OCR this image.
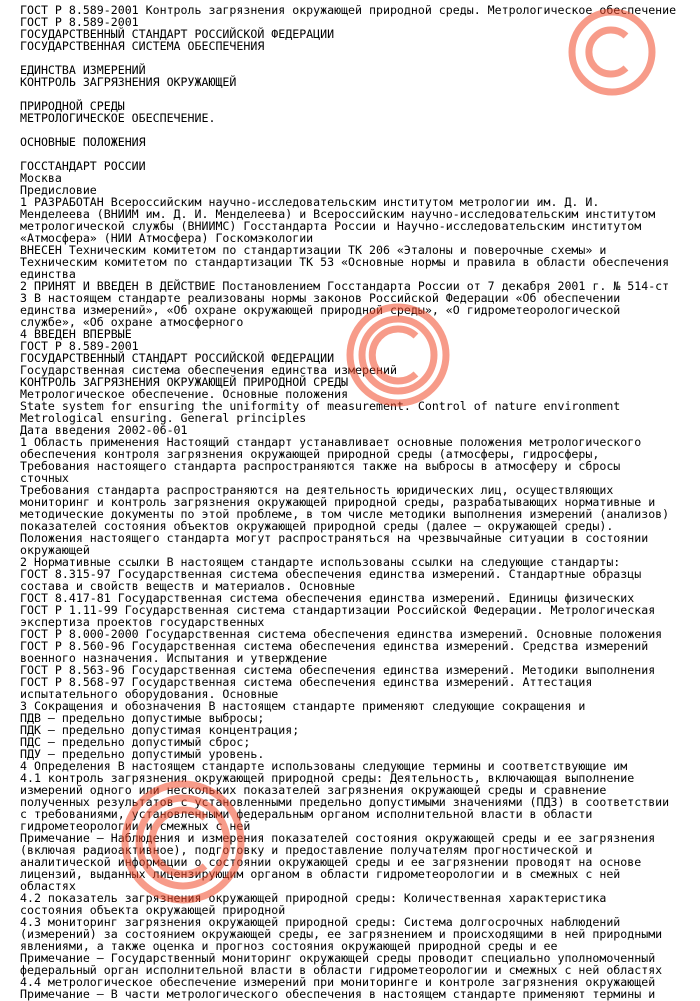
ГОСТ Р 8.589-2001 Контроль загрязнения окружающей природной среды. Метрологическое обеспечение
ГОСТ Р 8.589-2001
ГОСУДАРСТВЕННЫЙ СТАНДАРТ РОССИЙСКОЙ ФЕДЕРАЦИИ
ГОСУДАРСТВЕННАЯ СИСТЕМА ОБЕСПЕЧЕНИЯ
ЕДИНСТВА ИЗМЕРЕНИЙ
КОНТРОЛЬ ЗАГРЯЗНЕНИЯ ОКРУЖАЮЩЕЙ
ПРИРОДНОЙ СРЕДЫ
МЕТРОЛОГИЧЕСКОЕ ОБЕСПЕЧЕНИЕ.
ОСНОВНЫЕ ПОЛОЖЕНИЯ
ГОССТАНДАРТ РОССИИ
Москва
Предисловие
1 РАЗРАБОТАН Всероссийским научно-исследовательским институтом метрологии им. Д. И.
Менделеева (ВНИИМ им. Д. И. Менделеева) и Всероссийским научно-исследовательским институтом
метрологической службы (ВНИИМС) Госстандарта России и Научно-исследовательским институтом
«Атмосфера» (НИИ Атмосфера) Госкомэкологии
ВНЕСЕН Техническим комитетом по стандартизации ТК 206 «Эталоны и поверочные схемы» и
Техническим комитетом по стандартизации ТК 53 «Основные нормы и правила в области обеспечения
единства
2 ПРИНЯТ И ВВЕДЕН В ДЕЙСТВИЕ Постановлением Госстандарта России от 7 декабря 2001 г. № 514-ст
3 В настоящем стандарте реализованы нормы законов Российской Федерации «Об обеспечении
единства измерений», «Об охране окружающей природной среды», «О гидрометеорологической
службе», «Об охране атмосферного
4 ВВЕДЕН ВПЕРВЫЕ
ГОСТ Р 8.589-2001
ГОСУДАРСТВЕННЫЙ СТАНДАРТ РОССИЙСКОЙ ФЕДЕРАЦИИ
Государственная система обеспечения единства измерений
КОНТРОЛЬ ЗАГРЯЗНЕНИЯ ОКРУЖАЮЩЕЙ ПРИРОДНОЙ СРЕДЫ
Метрологическое обеспечение. Основные положения
State system for ensuring the uniformity of measurement. Control of nature environment
Metrological ensuring. General principles
Дата введения 2002-06-01
1 Область применения Настоящий стандарт устанавливает основные положения метрологического
обеспечения контроля загрязнения окружающей природной среды (атмосферы, гидросферы,
Требования настоящего стандарта распространяются также на выбросы в атмосферу и сбросы
сточных
Требования стандарта распространяются на деятельность юридических лиц, осуществляющих
мониторинг и контроль загрязнения окружающей природной среды, разрабатывающих нормативные и
методические документы по этой проблеме, в том числе методики выполнения измерений (анализов)
показателей состояния объектов окружающей природной среды (далее — окружающей среды).
Положения настоящего стандарта могут распространяться на чрезвычайные ситуации в состоянии
окружающей
2 Нормативные ссылки В настоящем стандарте использованы ссылки на следующие стандарты:
ГОСТ 8.315-97 Государственная система обеспечения единства измерений. Стандартные образцы
состава и свойств веществ и материалов. Основные
ГОСТ 8.417-81 Государственная система обеспечения единства измерений. Единицы физических
ГОСТ Р 1.11-99 Государственная система стандартизации Российской Федерации. Метрологическая
экспертиза проектов государственных
ГОСТ Р 8.000-2000 Государственная система обеспечения единства измерений. Основные положения
ГОСТ Р 8.560-96 Государственная система обеспечения единства измерений. Средства измерений
военного назначения. Испытания и утверждение
ГОСТ Р 8.563-96 Государственная система обеспечения единства измерений. Методики выполнения
ГОСТ Р 8.568-97 Государственная система обеспечения единства измерений. Аттестация
испытательного оборудования. Основные
3 Сокращения и обозначения В настоящем стандарте применяют следующие сокращения и
ПДВ — предельно допустимые выбросы;
ПДК — предельно допустимая концентрация;
ПДС — предельно допустимый сброс;
ПДУ — предельно допустимый уровень.
4 Определения В настоящем стандарте использованы следующие термины и соответствующие им
4.1 контроль загрязнения окружающей природной среды: Деятельность, включающая выполнение
измерений одного или нескольких показателей загрязнения окружающей среды и сравнение
полученных результатов с установленными предельно допустимыми значениями (ПДЗ) в соответствии
с требованиями, установленными федеральным органом исполнительной власти в области
гидрометеорологии и смежных с ней
Примечание — Наблюдения и измерения показателей состояния окружающей среды и ее загрязнения
(включая радиоактивное), подготовку и предоставление получателям прогностической и
аналитической информации о состоянии окружающей среды и ее загрязнении проводят на основе
лицензий, выданных лицензирующим органом в области гидрометеорологии и в смежных с ней
областях
4.2 показатель загрязнения окружающей природной среды: Количественная характеристика
состояния объекта окружающей природной
4.3 мониторинг загрязнения окружающей природной среды: Система долгосрочных наблюдений
(измерений) за состоянием окружающей среды, ее загрязнением и происходящими в ней природными
явлениями, а также оценка и прогноз состояния окружающей природной среды и ее
Примечание — Государственный мониторинг окружающей среды проводит специально уполномоченный
федеральный орган исполнительной власти в области гидрометеорологии и смежных с ней областях
4.4 метрологическое обеспечение измерений при мониторинге и контроле загрязнения окружающей
Примечание — В части метрологического обеспечения в настоящем стандарте применяют термины и
